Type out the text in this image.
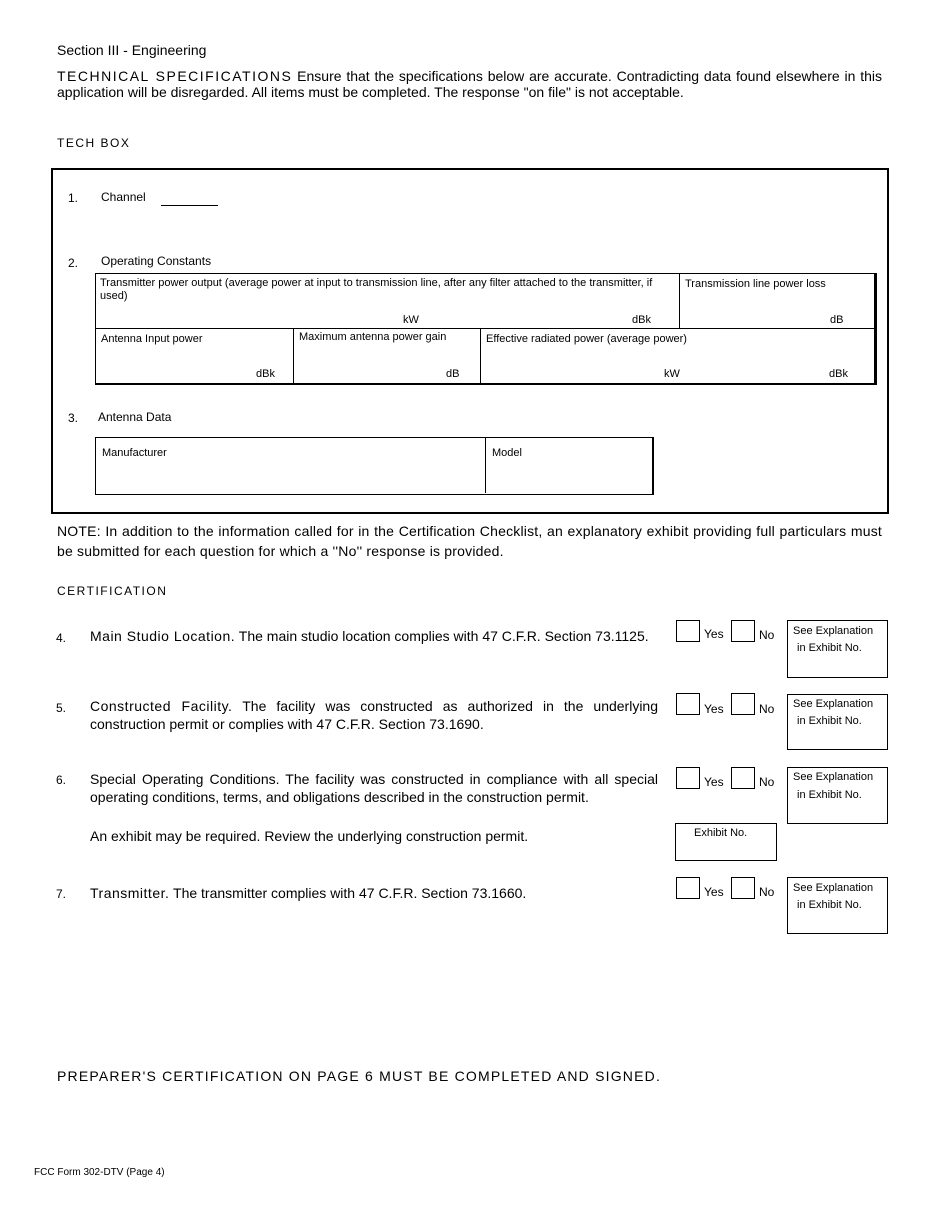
Section III - Engineering
TECHNICAL SPECIFICATIONS Ensure that the specifications below are accurate. Contradicting data found elsewhere in this application will be disregarded. All items must be completed. The response "on file" is not acceptable.
TECH BOX
1. Channel
2. Operating Constants
Transmitter power output (average power at input to transmission line, after any filter attached to the transmitter, if used)
kW	dBk
Transmission line power loss
dB
Antenna Input power
dBk
Maximum antenna power gain
dB
Effective radiated power (average power)
kW	dBk
3. Antenna Data
Manufacturer	Model
NOTE: In addition to the information called for in the Certification Checklist, an explanatory exhibit providing full particulars must be submitted for each question for which a ''No'' response is provided.
CERTIFICATION
4. Main Studio Location. The main studio location complies with 47 C.F.R. Section 73.1125.	Yes	No See Explanation
in Exhibit No.
5. Constructed Facility. The facility was constructed as authorized in the underlying construction permit or complies with 47 C.F.R. Section 73.1690.
Yes	No See Explanation
in Exhibit No.
6. Special Operating Conditions. The facility was constructed in compliance with all special operating conditions, terms, and obligations described in the construction permit.
An exhibit may be required. Review the underlying construction permit.
Yes	No See Explanation
in Exhibit No.
Exhibit No.
7. Transmitter. The transmitter complies with 47 C.F.R. Section 73.1660.	Yes	No See Explanation
in Exhibit No.
PREPARER'S CERTIFICATION ON PAGE 6 MUST BE COMPLETED AND SIGNED.
FCC Form 302-DTV (Page 4)
